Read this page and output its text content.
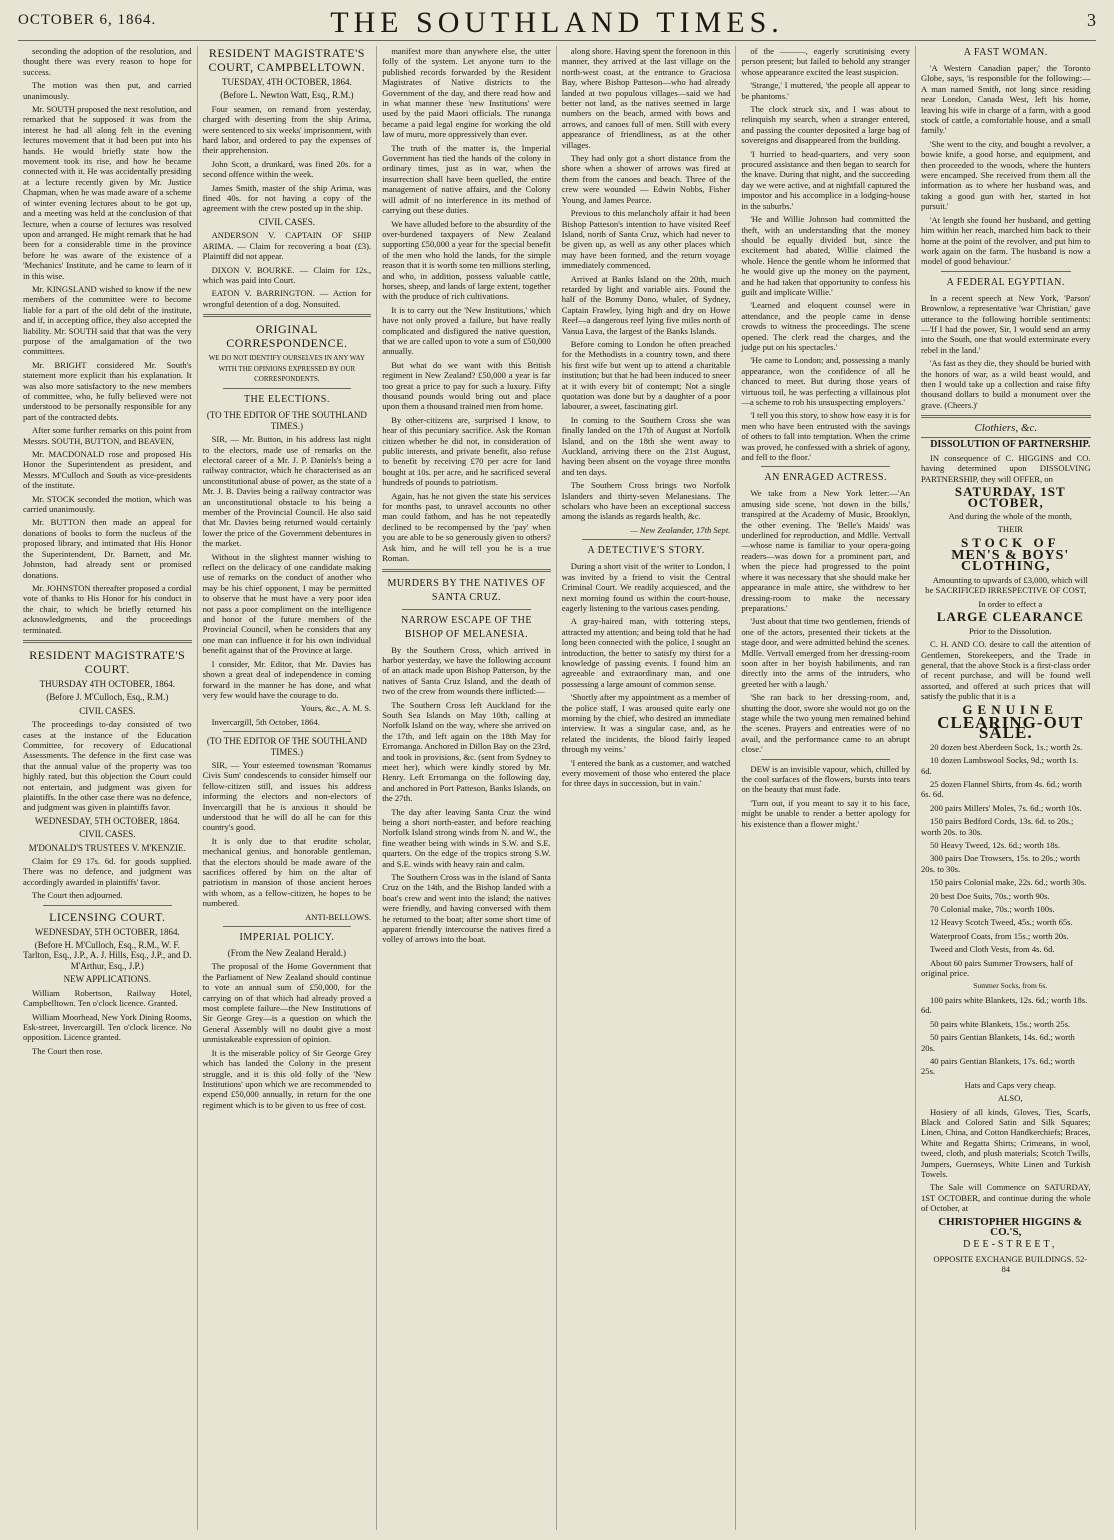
OCTOBER 6, 1864.	THE SOUTHLAND TIMES.	3

seconding the adoption of the resolution, and thought there was every reason to hope for success.

The motion was then put, and carried unanimously.

Mr. SOUTH proposed the next resolution, and remarked that he supposed it was from the interest he had all along felt in the evening lectures movement that it had been put into his hands. He would briefly state how the movement took its rise, and how he became connected with it. He was accidentally presiding at a lecture recently given by Mr. Justice Chapman, when he was made aware of a scheme of winter evening lectures about to be got up, and a meeting was held at the conclusion of that lecture, when a course of lectures was resolved upon and arranged. He might remark that he had been for a considerable time in the province before he was aware of the existence of a 'Mechanics' Institute, and he came to learn of it in this wise.

Mr. KINGSLAND wished to know if the new members of the committee were to become liable for a part of the old debt of the institute, and if, in accepting office, they also accepted the liability. Mr. SOUTH said that that was the very purpose of the amalgamation of the two committees.

Mr. BRIGHT considered Mr. South's statement more explicit than his explanation. It was also more satisfactory to the new members of committee, who, he fully believed were not understood to be personally responsible for any part of the contracted debts.

After some further remarks on this point from Messrs. SOUTH, BUTTON, and BEAVEN,

Mr. MACDONALD rose and proposed His Honor the Superintendent as president, and Messrs. M'Culloch and South as vice-presidents of the institute.

Mr. STOCK seconded the motion, which was carried unanimously.

Mr. BUTTON then made an appeal for donations of books to form the nucleus of the proposed library, and intimated that His Honor the Superintendent, Dr. Barnett, and Mr. Johnston, had already sent or promised donations.

Mr. JOHNSTON thereafter proposed a cordial vote of thanks to His Honor for his conduct in the chair, to which he briefly returned his acknowledgments, and the proceedings terminated.

RESIDENT MAGISTRATE'S COURT.

THURSDAY 4TH OCTOBER, 1864.

(Before J. M'Culloch, Esq., R.M.)

CIVIL CASES.

The proceedings to-day consisted of two cases at the instance of the Education Committee, for recovery of Educational Assessments. The defence in the first case was that the annual value of the property was too highly rated, but this objection the Court could not entertain, and judgment was given for plaintiffs. In the other case there was no defence, and judgment was given in plaintiffs favor.

WEDNESDAY, 5TH OCTOBER, 1864.

CIVIL CASES.

M'DONALD'S TRUSTEES V. M'KENZIE.

Claim for £9 17s. 6d. for goods supplied. There was no defence, and judgment was accordingly awarded in plaintiffs' favor.

The Court then adjourned.

LICENSING COURT.

WEDNESDAY, 5TH OCTOBER, 1864.

(Before H. M'Culloch, Esq., R.M., W. F. Tarlton, Esq., J.P., A. J. Hills, Esq., J.P., and D. M'Arthur, Esq., J.P.)

NEW APPLICATIONS.

William Robertson, Railway Hotel, Campbelltown. Ten o'clock licence. Granted.

William Moorhead, New York Dining Rooms, Esk-street, Invercargill. Ten o'clock licence. No opposition. Licence granted.

The Court then rose.

RESIDENT MAGISTRATE'S COURT, CAMPBELLTOWN.

TUESDAY, 4TH OCTOBER, 1864.

(Before L. Newton Watt, Esq., R.M.)

Four seamen, on remand from yesterday, charged with deserting from the ship Arima, were sentenced to six weeks' imprisonment, with hard labor, and ordered to pay the expenses of their apprehension.

John Scott, a drunkard, was fined 20s. for a second offence within the week.

James Smith, master of the ship Arima, was fined 40s. for not having a copy of the agreement with the crew posted up in the ship.

CIVIL CASES.

ANDERSON V. CAPTAIN OF SHIP ARIMA. — Claim for recovering a boat (£3). Plaintiff did not appear.

DIXON V. BOURKE. — Claim for 12s., which was paid into Court.

EATON V. BARRINGTON. — Action for wrongful detention of a dog. Nonsuited.

ORIGINAL CORRESPONDENCE.

WE DO NOT IDENTIFY OURSELVES IN ANY WAY WITH THE OPINIONS EXPRESSED BY OUR CORRESPONDENTS.

THE ELECTIONS.

(TO THE EDITOR OF THE SOUTHLAND TIMES.)

SIR, — Mr. Button, in his address last night to the electors, made use of remarks on the electoral career of a Mr. J. P. Daniels's being a railway contractor, which he characterised as an unconstitutional abuse of power, as the state of a Mr. J. B. Davies being a railway contractor was an unconstitutional obstacle to his being a member of the Provincial Council. He also said that Mr. Davies being returned would certainly lower the price of the Government debentures in the market.

Without in the slightest manner wishing to reflect on the delicacy of one candidate making use of remarks on the conduct of another who may be his chief opponent, I may be permitted to observe that he must have a very poor idea not pass a poor compliment on the intelligence and honor of the future members of the Provincial Council, when he considers that any one man can influence it for his own individual benefit against that of the Province at large.

I consider, Mr. Editor, that Mr. Davies has shown a great deal of independence in coming forward in the manner he has done, and what very few would have the courage to do.

Yours, &c., A. M. S.

Invercargill, 5th October, 1864.

(TO THE EDITOR OF THE SOUTHLAND TIMES.)

SIR, — Your esteemed townsman 'Romanus Civis Sum' condescends to consider himself our fellow-citizen still, and issues his address informing the electors and non-electors of Invercargill that he is anxious it should be understood that he will do all he can for this country's good.

It is only due to that erudite scholar, mechanical genius, and honorable gentleman, that the electors should be made aware of the sacrifices offered by him on the altar of patriotism in mansion of those ancient heroes with whom, as a fellow-citizen, he hopes to be numbered.

ANTI-BELLOWS.

IMPERIAL POLICY.

(From the New Zealand Herald.)

The proposal of the Home Government that the Parliament of New Zealand should continue to vote an annual sum of £50,000, for the carrying on of that which had already proved a most complete failure—the New Institutions of Sir George Grey—is a question on which the General Assembly will no doubt give a most unmistakeable expression of opinion.

It is the miserable policy of Sir George Grey which has landed the Colony in the present struggle, and it is this old folly of the 'New Institutions' upon which we are recommended to expend £50,000 annually, in return for the one regiment which is to be given to us free of cost.

manifest more than anywhere else, the utter folly of the system. Let anyone turn to the published records forwarded by the Resident Magistrates of Native districts to the Government of the day, and there read how and in what manner these 'new Institutions' were used by the paid Maori officials. The runanga became a paid legal engine for working the old law of muru, more oppressively than ever.

The truth of the matter is, the Imperial Government has tied the hands of the colony in ordinary times, just as in war, when the insurrection shall have been quelled, the entire management of native affairs, and the Colony will admit of no interference in its method of carrying out these duties.

We have alluded before to the absurdity of the over-burdened taxpayers of New Zealand supporting £50,000 a year for the special benefit of the men who hold the lands, for the simple reason that it is worth some ten millions sterling, and who, in addition, possess valuable cattle, horses, sheep, and lands of large extent, together with the produce of rich cultivations.

It is to carry out the 'New Institutions,' which have not only proved a failure, but have really complicated and disfigured the native question, that we are called upon to vote a sum of £50,000 annually.

But what do we want with this British regiment in New Zealand? £50,000 a year is far too great a price to pay for such a luxury. Fifty thousand pounds would bring out and place upon them a thousand trained men from home.

By other-citizens are, surprised I know, to hear of this pecuniary sacrifice. Ask the Roman citizen whether he did not, in consideration of public interests, and private benefit, also refuse to benefit by receiving £70 per acre for land bought at 10s. per acre, and he sacrificed several hundreds of pounds to patriotism.

Again, has he not given the state his services for months past, to unravel accounts no other man could fathom, and has he not repeatedly declined to be recompensed by the 'pay' when you are able to be so generously given to others? Ask him, and he will tell you he is a true Roman.

MURDERS BY THE NATIVES OF SANTA CRUZ.

NARROW ESCAPE OF THE BISHOP OF MELANESIA.

By the Southern Cross, which arrived in harbor yesterday, we have the following account of an attack made upon Bishop Patterson, by the natives of Santa Cruz Island, and the death of two of the crew from wounds there inflicted:—

The Southern Cross left Auckland for the South Sea Islands on May 10th, calling at Norfolk Island on the way, where she arrived on the 17th, and left again on the 18th May for Erromanga. Anchored in Dillon Bay on the 23rd, and took in provisions, &c. (sent from Sydney to meet her), which were kindly stored by Mr. Henry. Left Erromanga on the following day, and anchored in Port Patteson, Banks Islands, on the 27th.

The day after leaving Santa Cruz the wind being a short north-easter, and before reaching Norfolk Island strong winds from N. and W., the fine weather being with winds in S.W. and S.E. quarters. On the edge of the tropics strong S.W. and S.E. winds with heavy rain and calm.

The Southern Cross was in the island of Santa Cruz on the 14th, and the Bishop landed with a boat's crew and went into the island; the natives were friendly, and having conversed with them he returned to the boat; after some short time of apparent friendly intercourse the natives fired a volley of arrows into the boat.

along shore. Having spent the forenoon in this manner, they arrived at the last village on the north-west coast, at the entrance to Graciosa Bay, where Bishop Patteson—who had already landed at two populous villages—said we had better not land, as the natives seemed in large numbers on the beach, armed with bows and arrows, and canoes full of men. Still with every appearance of friendliness, as at the other villages.

They had only got a short distance from the shore when a shower of arrows was fired at them from the canoes and beach. Three of the crew were wounded — Edwin Nobbs, Fisher Young, and James Pearce.

Previous to this melancholy affair it had been Bishop Patteson's intention to have visited Reef Island, north of Santa Cruz, which had never to be given up, as well as any other places which may have been formed, and the return voyage immediately commenced.

Arrived at Banks Island on the 20th, much retarded by light and variable airs. Found the half of the Bommy Dono, whaler, of Sydney, Captain Frawley, lying high and dry on Howe Reef—a dangerous reef lying five miles north of Vanua Lava, the largest of the Banks Islands.

Before coming to London he often preached for the Methodists in a country town, and there his first wife but went up to attend a charitable institution; but that he had been induced to sneer at it with every bit of contempt; Not a single quotation was done but by a daughter of a poor labourer, a sweet, fascinating girl.

In coming to the Southern Cross she was finally landed on the 17th of August at Norfolk Island, and on the 18th she went away to Auckland, arriving there on the 21st August, having been absent on the voyage three months and ten days.

The Southern Cross brings two Norfolk Islanders and thirty-seven Melanesians. The scholars who have been an exceptional success among the islands as regards health, &c.

— New Zealander, 17th Sept.

A DETECTIVE'S STORY.

During a short visit of the writer to London, I was invited by a friend to visit the Central Criminal Court. We readily acquiesced, and the next morning found us within the court-house, eagerly listening to the various cases pending.

A gray-haired man, with tottering steps, attracted my attention; and being told that he had long been connected with the police, I sought an introduction, the better to satisfy my thirst for a knowledge of passing events. I found him an agreeable and extraordinary man, and one possessing a large amount of common sense.

'Shortly after my appointment as a member of the police staff, I was aroused quite early one morning by the chief, who desired an immediate interview. It was a singular case, and, as he related the incidents, the blood fairly leaped through my veins.'

'I entered the bank as a customer, and watched every movement of those who entered the place for three days in succession, but in vain.'

of the ———, eagerly scrutinising every person present; but failed to behold any stranger whose appearance excited the least suspicion.

'Strange,' I muttered, 'the people all appear to be phantoms.'

The clock struck six, and I was about to relinquish my search, when a stranger entered, and passing the counter deposited a large bag of sovereigns and disappeared from the building.

'I hurried to head-quarters, and very soon procured assistance and then began to search for the knave. During that night, and the succeeding day we were active, and at nightfall captured the impostor and his accomplice in a lodging-house in the suburbs.'

'He and Willie Johnson had committed the theft, with an understanding that the money should be equally divided but, since the excitement had abated, Willie claimed the whole. Hence the gentle whom he informed that he would give up the money on the payment, and he had taken that opportunity to confess his guilt and implicate Willie.'

'Learned and eloquent counsel were in attendance, and the people came in dense crowds to witness the proceedings. The scene opened. The clerk read the charges, and the judge put on his spectacles.'

'He came to London; and, possessing a manly appearance, won the confidence of all he chanced to meet. But during those years of virtuous toil, he was perfecting a villainous plot—a scheme to rob his unsuspecting employers.'

'I tell you this story, to show how easy it is for men who have been entrusted with the savings of others to fall into temptation. When the crime was proved, he confessed with a shriek of agony, and fell to the floor.'

AN ENRAGED ACTRESS.

We take from a New York letter:—'An amusing side scene, 'not down in the bills,' transpired at the Academy of Music, Brooklyn, the other evening. The 'Belle's Maids' was underlined for reproduction, and Mdlle. Vertvall—whose name is familiar to your opera-going readers—was down for a prominent part, and when the piece had progressed to the point where it was necessary that she should make her appearance in male attire, she withdrew to her dressing-room to make the necessary preparations.'

'Just about that time two gentlemen, friends of one of the actors, presented their tickets at the stage door, and were admitted behind the scenes. Mdlle. Vertvall emerged from her dressing-room soon after in her boyish habiliments, and ran directly into the arms of the intruders, who greeted her with a laugh.'

'She ran back to her dressing-room, and, shutting the door, swore she would not go on the stage while the two young men remained behind the scenes. Prayers and entreaties were of no avail, and the performance came to an abrupt close.'

DEW is an invisible vapour, which, chilled by the cool surfaces of the flowers, bursts into tears on the beauty that must fade.

'Turn out, if you meant to say it to his face, might be unable to render a better apology for his existence than a flower might.'

A FAST WOMAN.

'A Western Canadian paper,' the Toronto Globe, says, 'is responsible for the following:—A man named Smith, not long since residing near London, Canada West, left his home, leaving his wife in charge of a farm, with a good stock of cattle, a comfortable house, and a small family.'

'She went to the city, and bought a revolver, a bowie knife, a good horse, and equipment, and then proceeded to the woods, where the hunters were encamped. She received from them all the information as to where her husband was, and taking a good gun with her, started in hot pursuit.'

'At length she found her husband, and getting him within her reach, marched him back to their home at the point of the revolver, and put him to work again on the farm. The husband is now a model of good behaviour.'

A FEDERAL EGYPTIAN.

In a recent speech at New York, 'Parson' Brownlow, a representative 'war Christian,' gave utterance to the following horrible sentiments:—'If I had the power, Sir, I would send an army into the South, one that would exterminate every rebel in the land.'

'As fast as they die, they should be buried with the honors of war, as a wild beast would, and then I would take up a collection and raise fifty thousand dollars to build a monument over the grave. (Cheers.)'

Clothiers, &c.

DISSOLUTION OF PARTNERSHIP.

IN consequence of C. HIGGINS and CO. having determined upon DISSOLVING PARTNERSHIP, they will OFFER, on

SATURDAY, 1ST OCTOBER,

And during the whole of the month,

THEIR

STOCK OF

MEN'S & BOYS' CLOTHING,

Amounting to upwards of £3,000, which will be SACRIFICED IRRESPECTIVE OF COST,

In order to effect a

LARGE CLEARANCE

Prior to the Dissolution.

C. H. AND CO. desire to call the attention of Gentlemen, Storekeepers, and the Trade in general, that the above Stock is a first-class order of recent purchase, and will be found well assorted, and offered at such prices that will satisfy the public that it is a

GENUINE

CLEARING-OUT SALE.

20 dozen best Aberdeen Sock, 1s.; worth 2s.

10 dozen Lambswool Socks, 9d.; worth 1s. 6d.

25 dozen Flannel Shirts, from 4s. 6d.; worth 6s. 6d.

200 pairs Millers' Moles, 7s. 6d.; worth 10s.

150 pairs Bedford Cords, 13s. 6d. to 20s.; worth 20s. to 30s.

50 Heavy Tweed, 12s. 6d.; worth 18s.

300 pairs Doe Trowsers, 15s. to 20s.; worth 20s. to 30s.

150 pairs Colonial make, 22s. 6d.; worth 30s.

20 best Doe Suits, 70s.; worth 90s.

70 Colonial make, 70s.; worth 100s.

12 Heavy Scotch Tweed, 45s.; worth 65s.

Waterproof Coats, from 15s.; worth 20s.

Tweed and Cloth Vests, from 4s. 6d.

About 60 pairs Summer Trowsers, half of original price.

Summer Socks, from 6s.

100 pairs white Blankets, 12s. 6d.; worth 18s. 6d.

50 pairs white Blankets, 15s.; worth 25s.

50 pairs Gentian Blankets, 14s. 6d.; worth 20s.

40 pairs Gentian Blankets, 17s. 6d.; worth 25s.

Hats and Caps very cheap.

ALSO,

Hosiery of all kinds, Gloves, Ties, Scarfs, Black and Colored Satin and Silk Squares; Linen, China, and Cotton Handkerchiefs; Braces, White and Regatta Shirts; Crimeans, in wool, tweed, cloth, and plush materials; Scotch Twills, Jumpers, Guernseys, White Linen and Turkish Towels.

The Sale will Commence on SATURDAY, 1ST OCTOBER, and continue during the whole of October, at

CHRISTOPHER HIGGINS & CO.'S,

DEE-STREET,

OPPOSITE EXCHANGE BUILDINGS. 52-84
